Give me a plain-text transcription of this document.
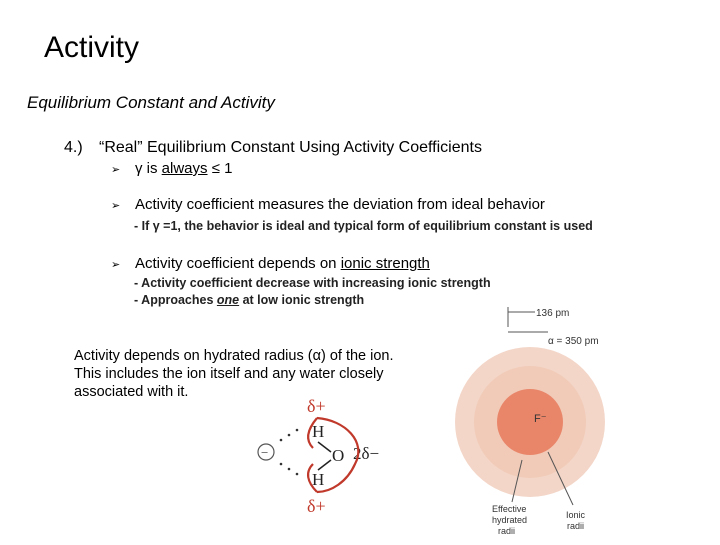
Activity
Equilibrium Constant and Activity
4.) “Real” Equilibrium Constant Using Activity Coefficients
➢ γ is always ≤ 1
➢ Activity coefficient measures the deviation from ideal behavior
- If γ =1, the behavior is ideal and typical form of equilibrium constant is used
➢ Activity coefficient depends on ionic strength
- Activity coefficient decrease with increasing ionic strength
- Approaches one at low ionic strength
Activity depends on hydrated radius (α) of the ion.
This includes the ion itself and any water closely
associated with it.
δ+
H
O 2δ−
H
δ+
−
F⁻
136 pm
α = 350 pm
Effective
hydrated
radii
Ionic
radii
